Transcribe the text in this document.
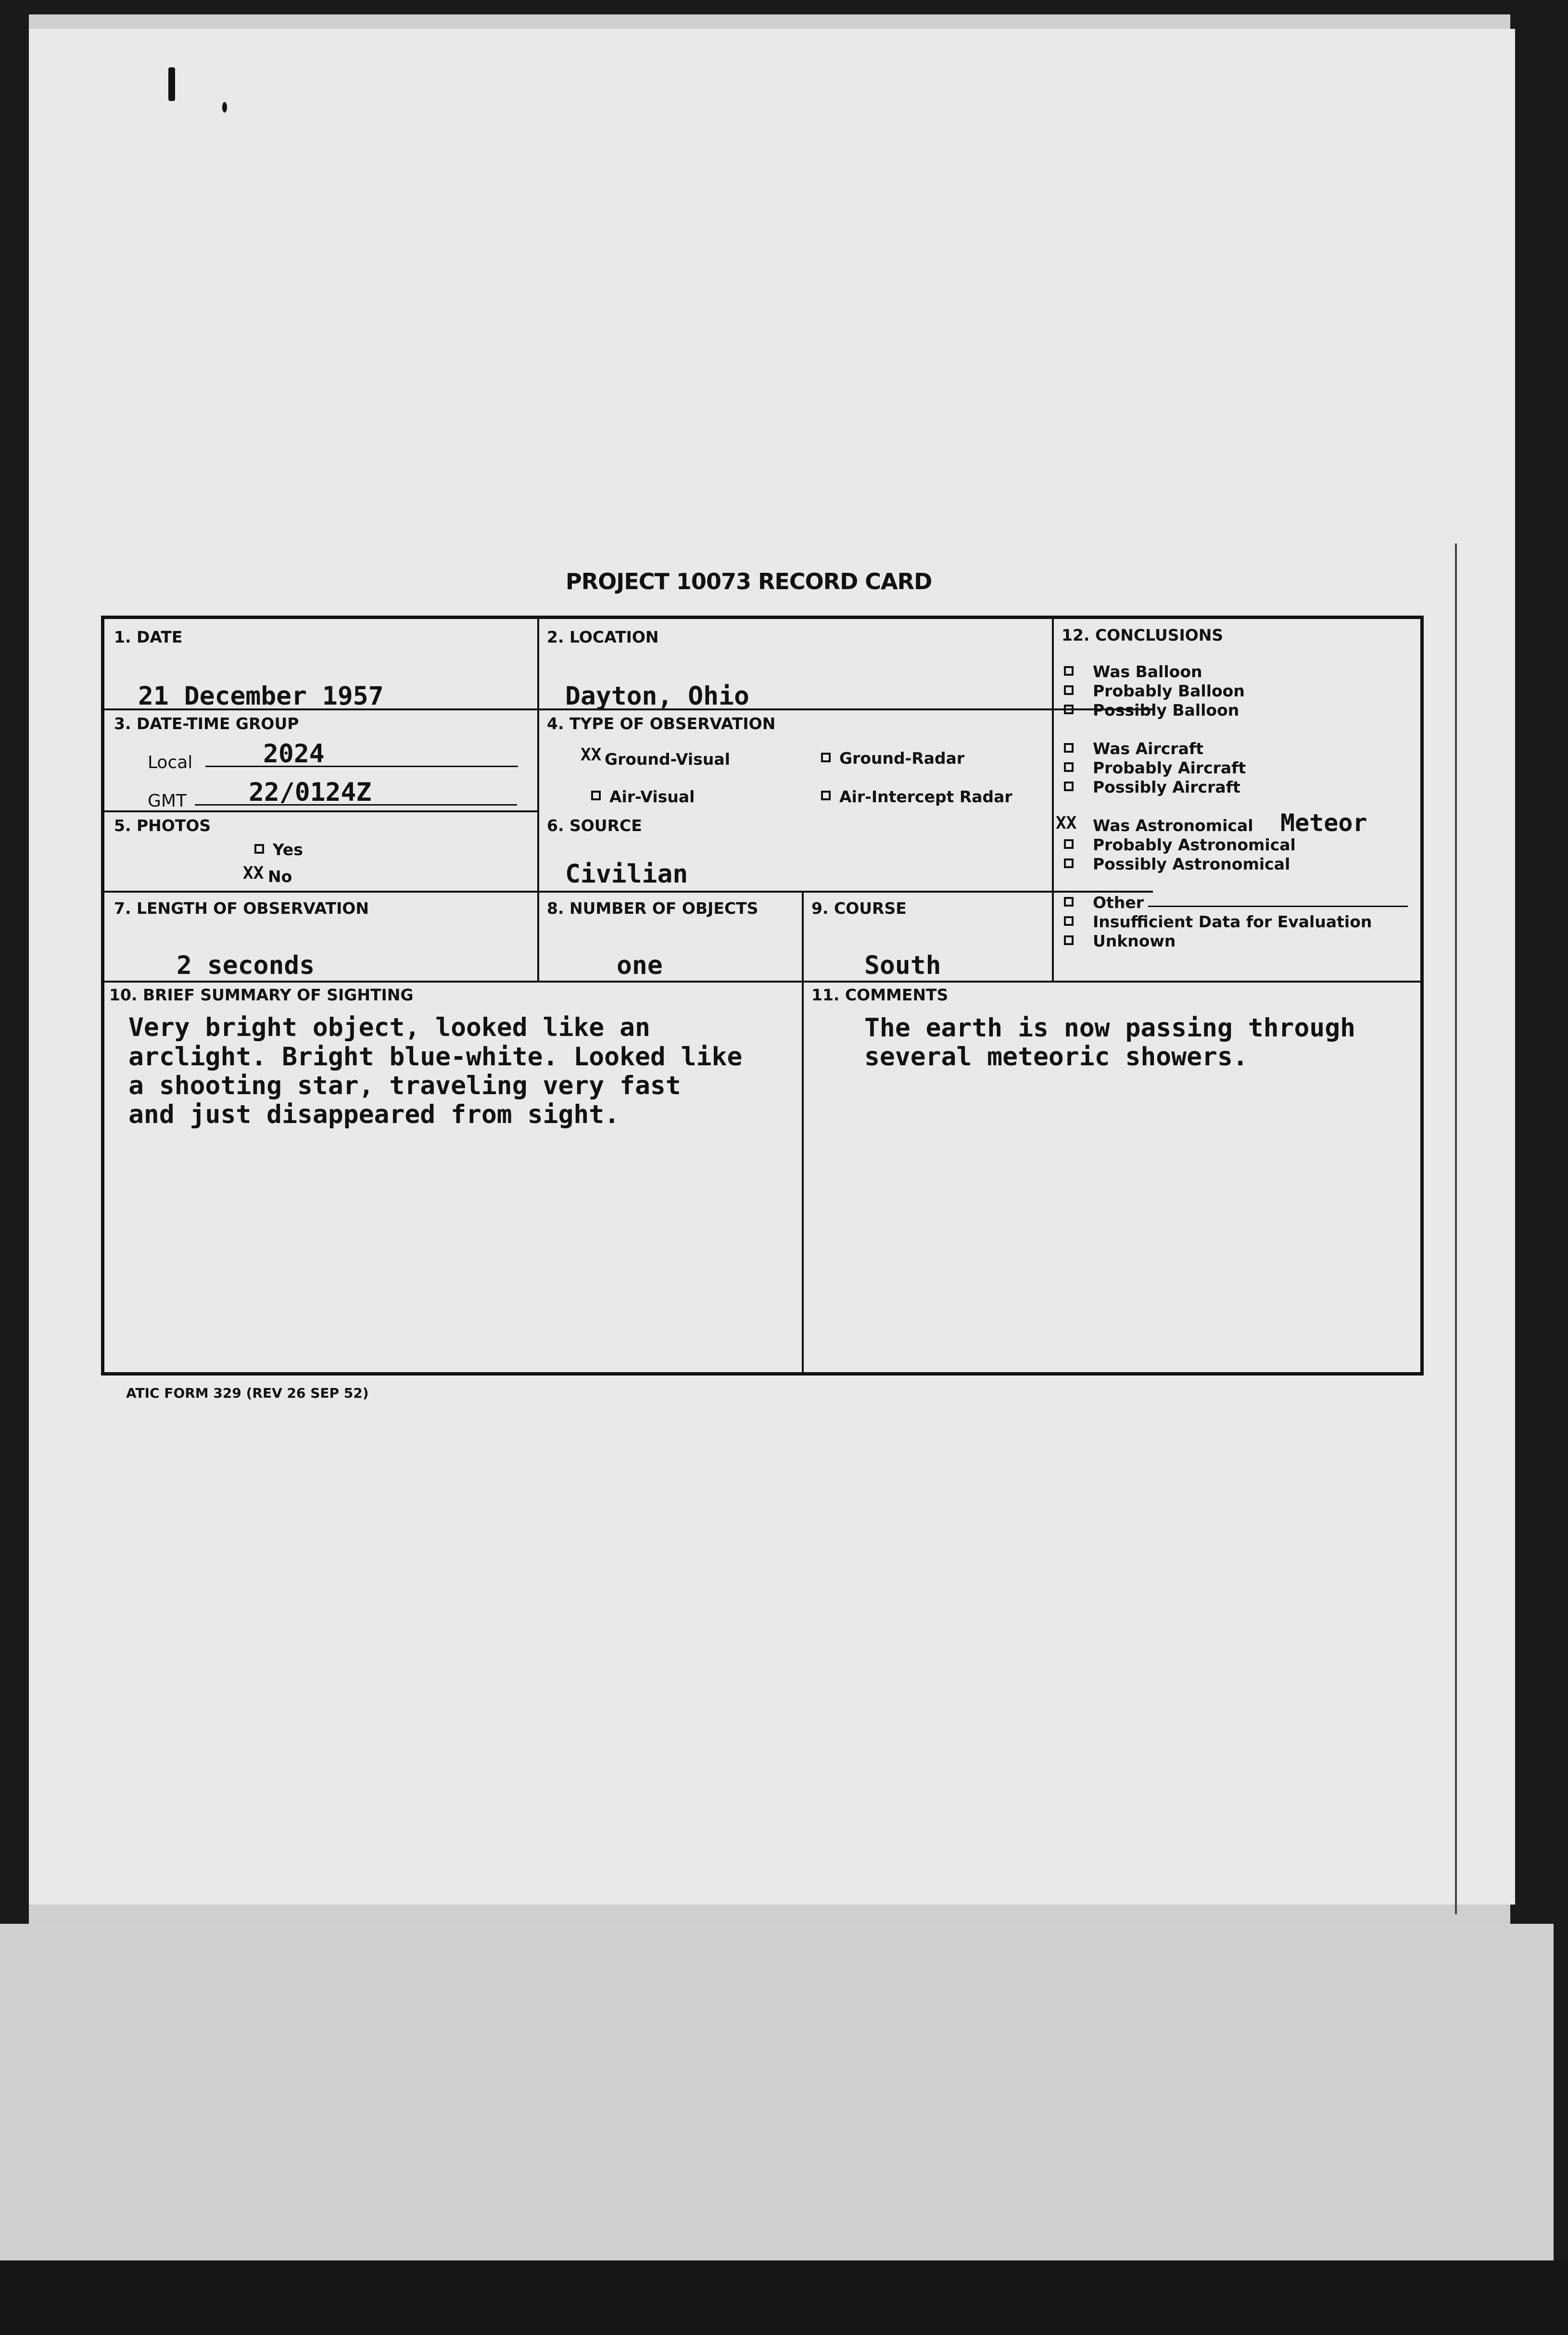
PROJECT 10073 RECORD CARD
1. DATE
21 December 1957
2. LOCATION
Dayton, Ohio
3. DATE-TIME GROUP
Local	2024
GMT 22/0124Z
4. TYPE OF OBSERVATION
XX Ground-Visual	Ground-Radar
Air-Visual	Air-Intercept Radar
5. PHOTOS
Yes
XX No
6. SOURCE
Civilian
7. LENGTH OF OBSERVATION
2 seconds
8. NUMBER OF OBJECTS
one
9. COURSE
South
10. BRIEF SUMMARY OF SIGHTING
Very bright object, looked like an
arclight. Bright blue-white. Looked like
a shooting star, traveling very fast
and just disappeared from sight.
11. COMMENTS
The earth is now passing through
several meteoric showers.
12. CONCLUSIONS
Was Balloon
Probably Balloon
Possibly Balloon
Was Aircraft
Probably Aircraft
Possibly Aircraft
XX Was Astronomical Meteor
Probably Astronomical
Possibly Astronomical
Other
Insufficient Data for Evaluation
Unknown
ATIC FORM 329 (REV 26 SEP 52)
